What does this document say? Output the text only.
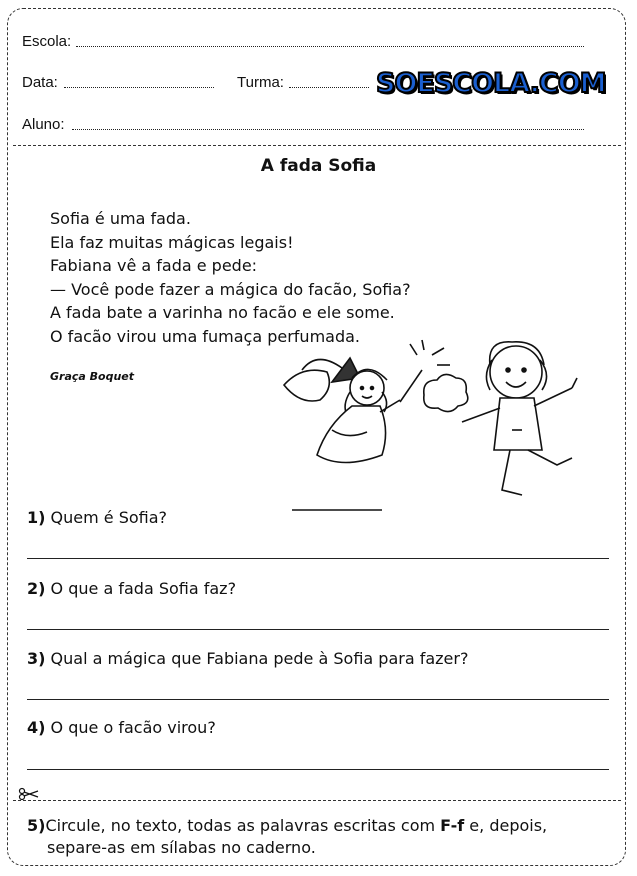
Escola:
Data:	Turma:	SOESCOLA.COM
Aluno:
A fada Sofia
Sofia é uma fada.
Ela faz muitas mágicas legais!
Fabiana vê a fada e pede:
— Você pode fazer a mágica do facão, Sofia?
A fada bate a varinha no facão e ele some.
O facão virou uma fumaça perfumada.
Graça Boquet
1) Quem é Sofia?
2) O que a fada Sofia faz?
3) Qual a mágica que Fabiana pede à Sofia para fazer?
4) O que o facão virou?
5)Circule, no texto, todas as palavras escritas com F-f e, depois,
separe-as em sílabas no caderno.
